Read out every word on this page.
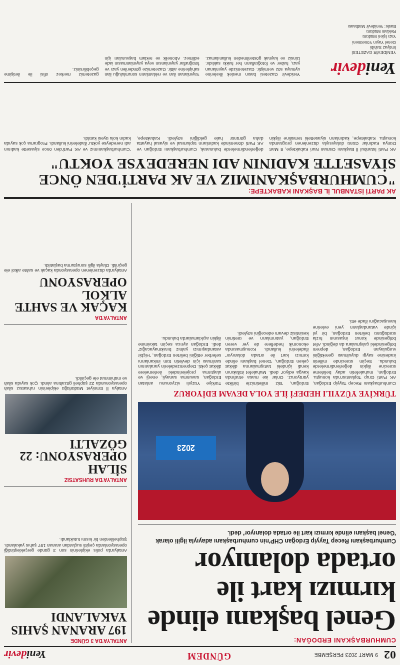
02
9 MART 2023 PERŞEMBE
GÜNDEM
Yenidevir
CUMHURBAŞKANI ERDOĞAN:
Genel başkanı elinde kırmızı kart ile ortada dolanıyor
Cumhurbaşkanı Recep Tayyip Erdoğan CHP'nin cumhurbaşkanı adayıyla ilgili olarak 'Genel başkanı elinde kırmızı kart ile ortada dolanıyor' dedi.
2023
TÜRKİYE YÜZYILI HEDEFİ İLE YOLA DEVAM EDİYORUZ
Cumhurbaşkanı Recep Tayyip Erdoğan, AK Parti Grup Toplantısı'nda konuştu. Erdoğan, muhalefetin aday belirleme sürecine ilişkin değerlendirmelerde bulundu. Seçim sürecinde milletin iradesine saygı duyulması gerektiğini vurgulayan Erdoğan, deprem bölgesindeki çalışmalara da değindi. Afet bölgesinde konut inşasının hızla sürdüğünü belirten Erdoğan, bir yıl içinde vatandaşların yeni evlerine kavuşacağını ifade etti.
Erdoğan, 'Biz milletimizle birlikte yürüyoruz. Onlar ise masa etrafında kavga ediyor' dedi. Muhalefet ittifakının kendi içindeki tartışmalarına dikkat çeken Erdoğan, 'Genel başkanı elinde kırmızı kart ile ortada dolanıyor' ifadelerini kullandı. Konuşmasında ekonomik hedeflere de yer veren Erdoğan, yatırımların ve üretimin kesintisiz devam edeceğini söyledi.
Türkiye Yüzyılı vizyonunu anlatan Erdoğan, savunma sanayii, enerji ve ulaştırma projelerindeki ilerlemelere dikkat çekti. Depremzedelerin yaralarının sarılması için devletin tüm imkanlarını seferber ettiğini belirten Erdoğan, 'Hiçbir vatandaşımızı yalnız bırakmayacağız' dedi. Erdoğan ayrıca seçim takvimine ilişkin açıklamalarda bulundu.
ANTALYA'DA 3 GÜNDE
197 ARANAN ŞAHIS YAKALANDI
Antalya'da polis ekiplerinin son 3 günde gerçekleştirdiği operasyonlarda çeşitli suçlardan aranan 197 şahıs yakalandı. Şüphelilerden bir kısmı tutuklandı.
ANTALYA'DA RUHSATSIZ
SİLAH OPERASYONU: 22 GÖZALTI
Antalya İl Emniyet Müdürlüğü ekiplerinin ruhsatsız silah operasyonunda 22 şüpheli gözaltına alındı. Çok sayıda silah ve mühimmat ele geçirildi.
ANTALYA'DA
KAÇAK VE SAHTE ALKOL OPERASYONU
Antalya'da düzenlenen operasyonda kaçak ve sahte alkol ele geçirildi. Olayla ilgili soruşturma başlatıldı.
AK PARTİ İSTANBUL İL BAŞKANI KABAKTEPE:
"CUMHURBAŞKANIMIZ VE AK PARTİ'DEN ÖNCE SİYASETTE KADININ ADI NEREDEYSE YOKTU"
AK Parti İstanbul İl Başkanı Osman Nuri Kabaktepe, 8 Mart Dünya Kadınlar Günü dolayısıyla düzenlenen programda konuştu. Kabaktepe, kadınların siyasetteki temsiline ilişkin değerlendirmelerde bulunarak, Cumhurbaşkanı Erdoğan ve AK Parti döneminde kadınların toplumsal ve siyasal hayatta daha görünür hale geldiğini söyledi. Kabaktepe, 'Cumhurbaşkanımız ve AK Parti'den önce siyasette kadının adı neredeyse yoktu' ifadelerini kullandı. Programa çok sayıda kadın kolu üyesi katıldı.
Yenidevir
YENİDEVİR GAZETESİ
İmtiyaz Sahibi
Genel Yayın Yönetmeni
Yazı İşleri Müdürü
Reklam Müdürü
Baskı: Yenidevir Matbaası
Yenidevir Gazetesi basın meslek ilkelerine uymaya söz vermiştir. Gazetemizde yayınlanan yazı, haber ve fotoğrafların her hakkı saklıdır. İzinsiz ve kaynak gösterilmeden kullanılamaz. Yayınlanan ilan ve reklamların sorumluluğu ilan sahiplerine aittir. Gazetemize gönderilen yazı ve fotoğraflar yayınlansın veya yayınlanmasın iade edilmez. Abonelik ve reklam başvuruları için gazetemiz merkez ofisi ile iletişime geçebilirsiniz.
